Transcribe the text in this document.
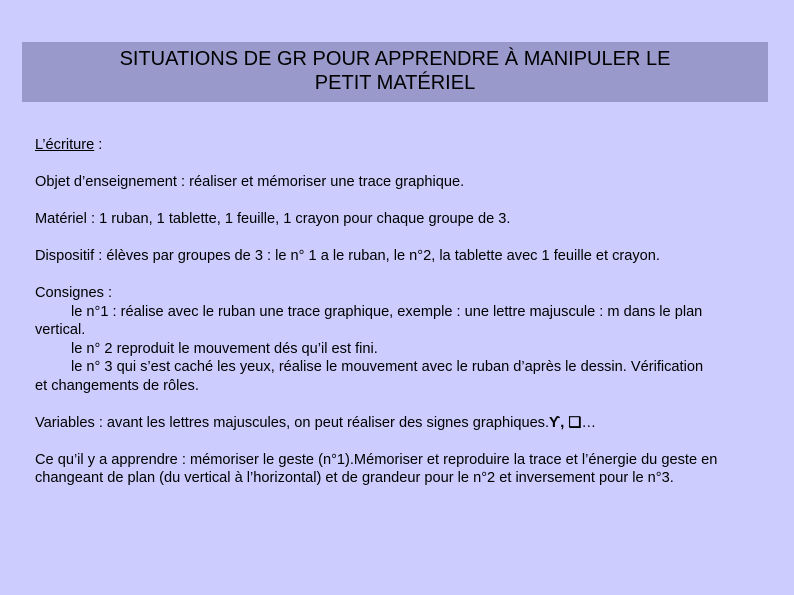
SITUATIONS DE GR POUR APPRENDRE À MANIPULER LE
PETIT MATÉRIEL

L’écriture :

Objet d’enseignement : réaliser et mémoriser une trace graphique.

Matériel : 1 ruban, 1 tablette, 1 feuille, 1 crayon pour chaque groupe de 3.

Dispositif : élèves par groupes de 3 : le n° 1 a le ruban, le n°2, la tablette avec 1 feuille et crayon.

Consignes :
le n°1 : réalise avec le ruban une trace graphique, exemple : une lettre majuscule : m dans le plan
vertical.
le n° 2 reproduit le mouvement dés qu’il est fini.
le n° 3 qui s’est caché les yeux, réalise le mouvement avec le ruban d’après le dessin. Vérification
et changements de rôles.

Variables : avant les lettres majuscules, on peut réaliser des signes graphiques.ϒ, ❑…

Ce qu’il y a apprendre : mémoriser le geste (n°1).Mémoriser et reproduire la trace et l’énergie du geste en changeant de plan (du vertical à l’horizontal) et de grandeur pour le n°2 et inversement pour le n°3.
